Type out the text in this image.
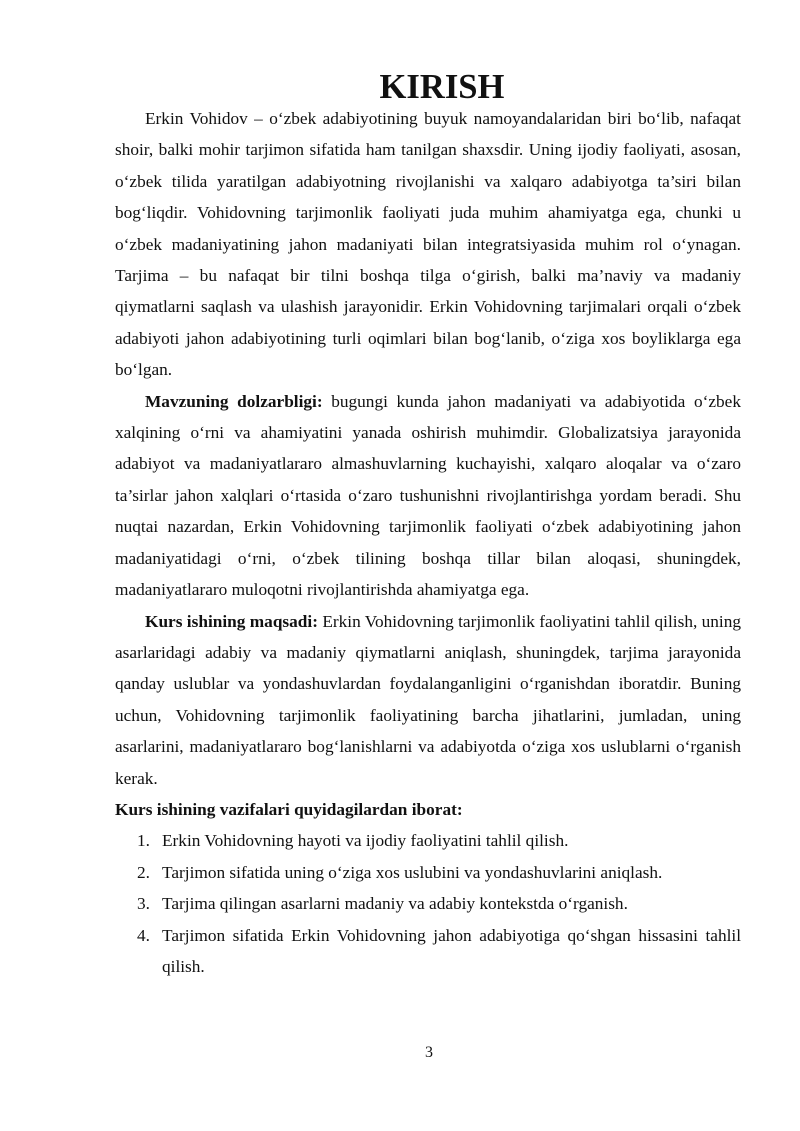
KIRISH

Erkin Vohidov – o‘zbek adabiyotining buyuk namoyandalaridan biri bo‘lib, nafaqat shoir, balki mohir tarjimon sifatida ham tanilgan shaxsdir. Uning ijodiy faoliyati, asosan, o‘zbek tilida yaratilgan adabiyotning rivojlanishi va xalqaro adabiyotga ta’siri bilan bog‘liqdir. Vohidovning tarjimonlik faoliyati juda muhim ahamiyatga ega, chunki u o‘zbek madaniyatining jahon madaniyati bilan integratsiyasida muhim rol o‘ynagan. Tarjima – bu nafaqat bir tilni boshqa tilga o‘girish, balki ma’naviy va madaniy qiymatlarni saqlash va ulashish jarayonidir. Erkin Vohidovning tarjimalari orqali o‘zbek adabiyoti jahon adabiyotining turli oqimlari bilan bog‘lanib, o‘ziga xos boyliklarga ega bo‘lgan.

Mavzuning dolzarbligi: bugungi kunda jahon madaniyati va adabiyotida o‘zbek xalqining o‘rni va ahamiyatini yanada oshirish muhimdir. Globalizatsiya jarayonida adabiyot va madaniyatlararo almashuvlarning kuchayishi, xalqaro aloqalar va o‘zaro ta’sirlar jahon xalqlari o‘rtasida o‘zaro tushunishni rivojlantirishga yordam beradi. Shu nuqtai nazardan, Erkin Vohidovning tarjimonlik faoliyati o‘zbek adabiyotining jahon madaniyatidagi o‘rni, o‘zbek tilining boshqa tillar bilan aloqasi, shuningdek, madaniyatlararo muloqotni rivojlantirishda ahamiyatga ega.

Kurs ishining maqsadi: Erkin Vohidovning tarjimonlik faoliyatini tahlil qilish, uning asarlaridagi adabiy va madaniy qiymatlarni aniqlash, shuningdek, tarjima jarayonida qanday uslublar va yondashuvlardan foydalanganligini o‘rganishdan iboratdir. Buning uchun, Vohidovning tarjimonlik faoliyatining barcha jihatlarini, jumladan, uning asarlarini, madaniyatlararo bog‘lanishlarni va adabiyotda o‘ziga xos uslublarni o‘rganish kerak.

Kurs ishining vazifalari quyidagilardan iborat:

1. Erkin Vohidovning hayoti va ijodiy faoliyatini tahlil qilish.
2. Tarjimon sifatida uning o‘ziga xos uslubini va yondashuvlarini aniqlash.
3. Tarjima qilingan asarlarni madaniy va adabiy kontekstda o‘rganish.
4. Tarjimon sifatida Erkin Vohidovning jahon adabiyotiga qo‘shgan hissasini tahlil qilish.
3
